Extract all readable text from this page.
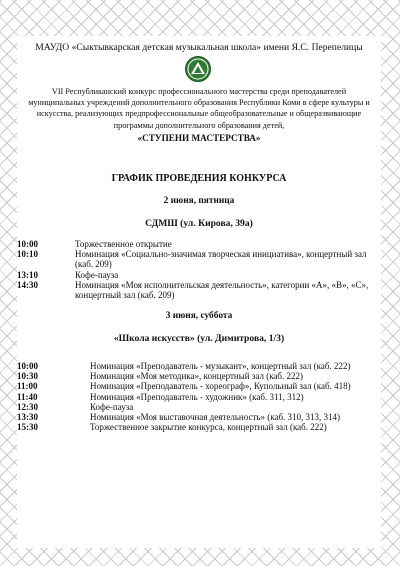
МАУДО «Сыктывкарская детская музыкальная школа» имени Я.С. Перепелицы
VII Республиканский конкурс профессионального мастерства среди преподавателей муниципальных учреждений дополнительного образования Республики Коми в сфере культуры и искусства, реализующих предпрофессиональные общеобразовательные и общеразвивающие программы дополнительного образования детей,
«СТУПЕНИ МАСТЕРСТВА»
ГРАФИК ПРОВЕДЕНИЯ КОНКУРСА
2 июня, пятница
СДМШ (ул. Кирова, 39а)
10:00	Торжественное открытие
10:10	Номинация «Социально-значимая творческая инициатива», концертный зал (каб. 209)
13:10	Кофе-пауза
14:30	Номинация «Моя исполнительская деятельность», категории «А», «В», «С», концертный зал (каб. 209)
3 июня, суббота
«Школа искусств» (ул. Димитрова, 1/3)
10:00	Номинация «Преподаватель - музыкант», концертный зал (каб. 222)
10:30	Номинация «Моя методика», концертный зал (каб. 222)
11:00	Номинация «Преподаватель - хореограф», Купольный зал (каб. 418)
11:40	Номинация «Преподаватель - художник» (каб. 311, 312)
12:30	Кофе-пауза
13:30	Номинация «Моя выставочная деятельность» (каб. 310, 313, 314)
15:30	Торжественное закрытие конкурса, концертный зал (каб. 222)
